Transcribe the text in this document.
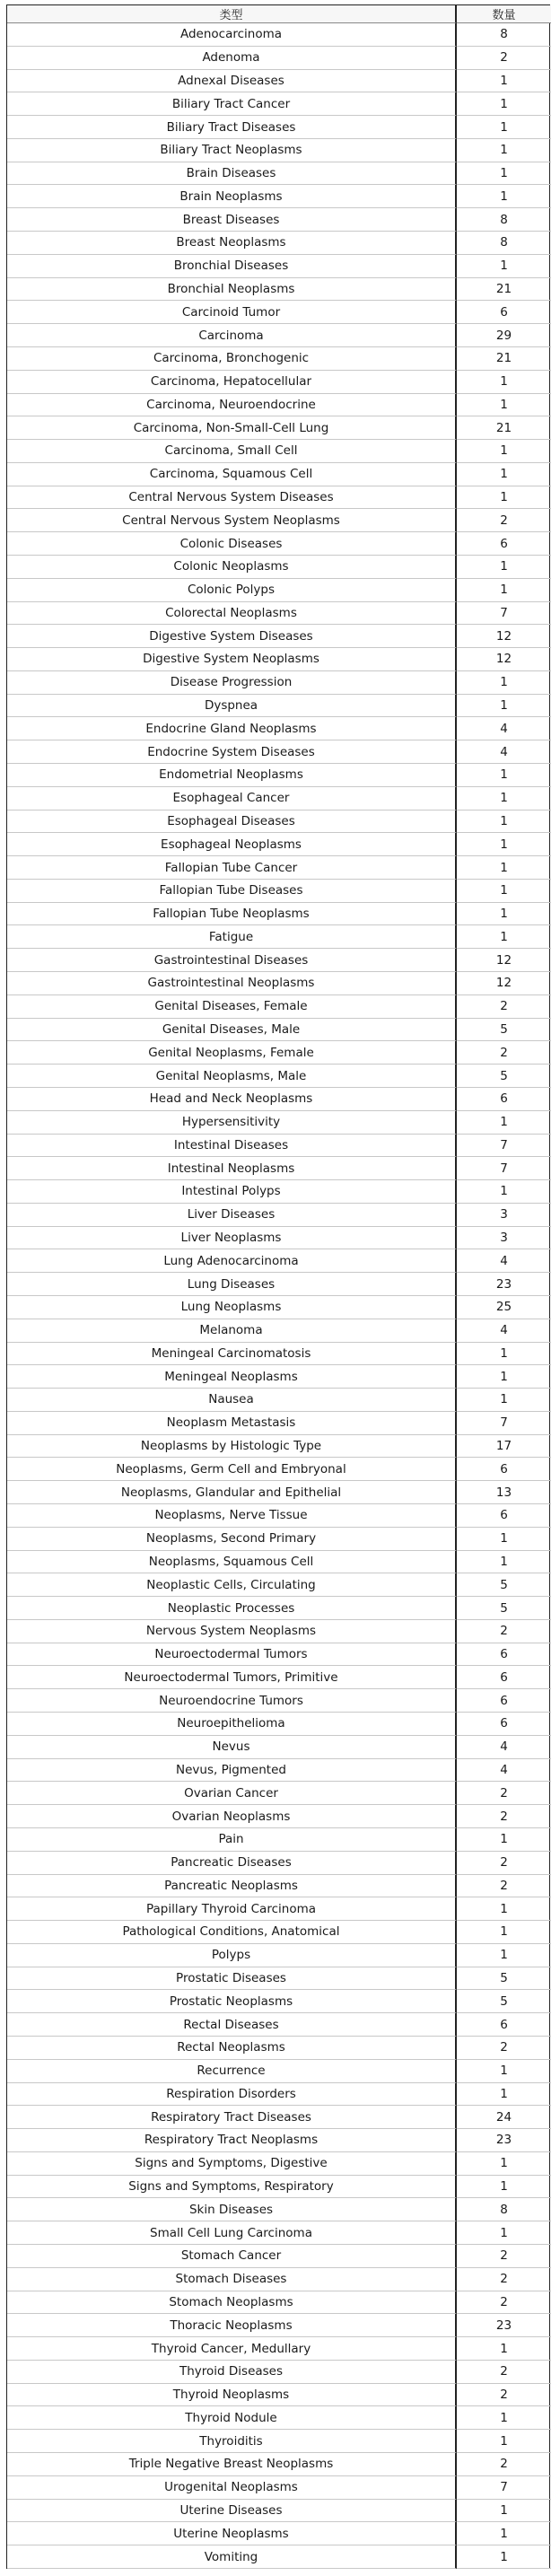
类型	数量
Adenocarcinoma	8
Adenoma	2
Adnexal Diseases	1
Biliary Tract Cancer	1
Biliary Tract Diseases	1
Biliary Tract Neoplasms	1
Brain Diseases	1
Brain Neoplasms	1
Breast Diseases	8
Breast Neoplasms	8
Bronchial Diseases	1
Bronchial Neoplasms	21
Carcinoid Tumor	6
Carcinoma	29
Carcinoma, Bronchogenic	21
Carcinoma, Hepatocellular	1
Carcinoma, Neuroendocrine	1
Carcinoma, Non-Small-Cell Lung	21
Carcinoma, Small Cell	1
Carcinoma, Squamous Cell	1
Central Nervous System Diseases	1
Central Nervous System Neoplasms	2
Colonic Diseases	6
Colonic Neoplasms	1
Colonic Polyps	1
Colorectal Neoplasms	7
Digestive System Diseases	12
Digestive System Neoplasms	12
Disease Progression	1
Dyspnea	1
Endocrine Gland Neoplasms	4
Endocrine System Diseases	4
Endometrial Neoplasms	1
Esophageal Cancer	1
Esophageal Diseases	1
Esophageal Neoplasms	1
Fallopian Tube Cancer	1
Fallopian Tube Diseases	1
Fallopian Tube Neoplasms	1
Fatigue	1
Gastrointestinal Diseases	12
Gastrointestinal Neoplasms	12
Genital Diseases, Female	2
Genital Diseases, Male	5
Genital Neoplasms, Female	2
Genital Neoplasms, Male	5
Head and Neck Neoplasms	6
Hypersensitivity	1
Intestinal Diseases	7
Intestinal Neoplasms	7
Intestinal Polyps	1
Liver Diseases	3
Liver Neoplasms	3
Lung Adenocarcinoma	4
Lung Diseases	23
Lung Neoplasms	25
Melanoma	4
Meningeal Carcinomatosis	1
Meningeal Neoplasms	1
Nausea	1
Neoplasm Metastasis	7
Neoplasms by Histologic Type	17
Neoplasms, Germ Cell and Embryonal	6
Neoplasms, Glandular and Epithelial	13
Neoplasms, Nerve Tissue	6
Neoplasms, Second Primary	1
Neoplasms, Squamous Cell	1
Neoplastic Cells, Circulating	5
Neoplastic Processes	5
Nervous System Neoplasms	2
Neuroectodermal Tumors	6
Neuroectodermal Tumors, Primitive	6
Neuroendocrine Tumors	6
Neuroepithelioma	6
Nevus	4
Nevus, Pigmented	4
Ovarian Cancer	2
Ovarian Neoplasms	2
Pain	1
Pancreatic Diseases	2
Pancreatic Neoplasms	2
Papillary Thyroid Carcinoma	1
Pathological Conditions, Anatomical	1
Polyps	1
Prostatic Diseases	5
Prostatic Neoplasms	5
Rectal Diseases	6
Rectal Neoplasms	2
Recurrence	1
Respiration Disorders	1
Respiratory Tract Diseases	24
Respiratory Tract Neoplasms	23
Signs and Symptoms, Digestive	1
Signs and Symptoms, Respiratory	1
Skin Diseases	8
Small Cell Lung Carcinoma	1
Stomach Cancer	2
Stomach Diseases	2
Stomach Neoplasms	2
Thoracic Neoplasms	23
Thyroid Cancer, Medullary	1
Thyroid Diseases	2
Thyroid Neoplasms	2
Thyroid Nodule	1
Thyroiditis	1
Triple Negative Breast Neoplasms	2
Urogenital Neoplasms	7
Uterine Diseases	1
Uterine Neoplasms	1
Vomiting	1
